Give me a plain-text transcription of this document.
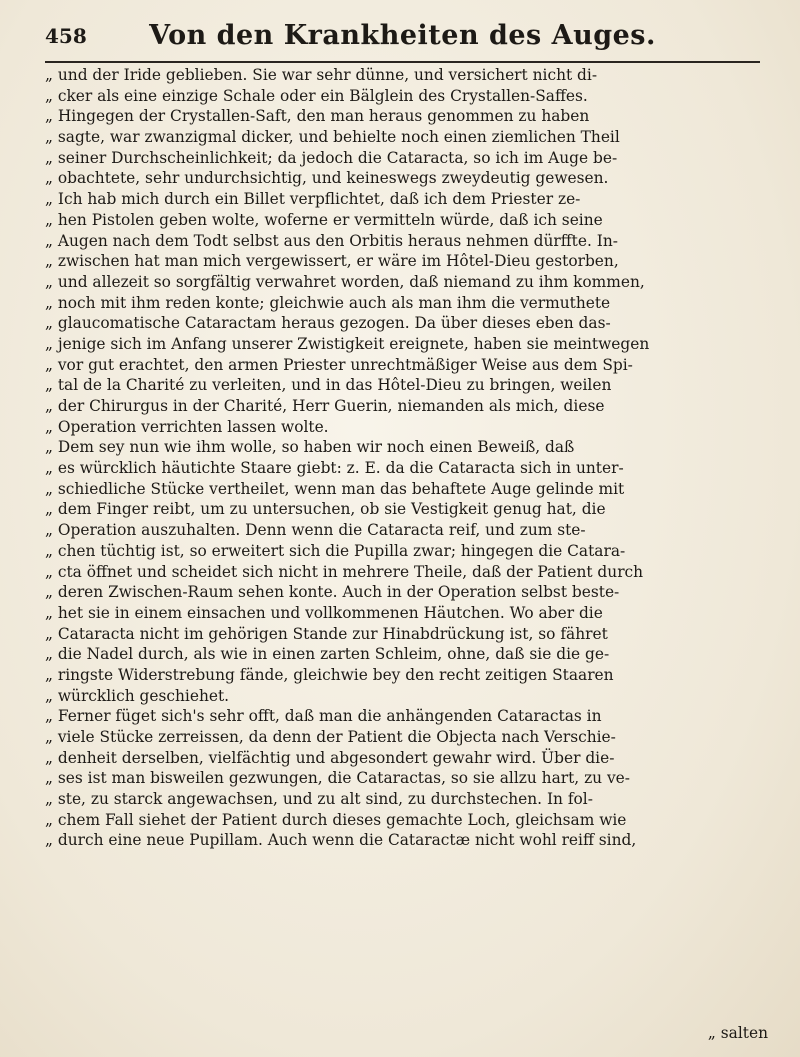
458	Von den Krankheiten des Auges.
„ und der Iride geblieben. Sie war sehr dünne, und versichert nicht di-
„ cker als eine einzige Schale oder ein Bälglein des Crystallen-Saffes.
„ Hingegen der Crystallen-Saft, den man heraus genommen zu haben
„ sagte, war zwanzigmal dicker, und behielte noch einen ziemlichen Theil
„ seiner Durchscheinlichkeit; da jedoch die Cataracta, so ich im Auge be-
„ obachtete, sehr undurchsichtig, und keineswegs zweydeutig gewesen.
„ Ich hab mich durch ein Billet verpflichtet, daß ich dem Priester ze-
„ hen Pistolen geben wolte, woferne er vermitteln würde, daß ich seine
„ Augen nach dem Todt selbst aus den Orbitis heraus nehmen dürffte. In-
„ zwischen hat man mich vergewissert, er wäre im Hôtel-Dieu gestorben,
„ und allezeit so sorgfältig verwahret worden, daß niemand zu ihm kommen,
„ noch mit ihm reden konte; gleichwie auch als man ihm die vermuthete
„ glaucomatische Cataractam heraus gezogen. Da über dieses eben das-
„ jenige sich im Anfang unserer Zwistigkeit ereignete, haben sie meintwegen
„ vor gut erachtet, den armen Priester unrechtmäßiger Weise aus dem Spi-
„ tal de la Charité zu verleiten, und in das Hôtel-Dieu zu bringen, weilen
„ der Chirurgus in der Charité, Herr Guerin, niemanden als mich, diese
„ Operation verrichten lassen wolte.
„ Dem sey nun wie ihm wolle, so haben wir noch einen Beweiß, daß
„ es würcklich häutichte Staare giebt: z. E. da die Cataracta sich in unter-
„ schiedliche Stücke vertheilet, wenn man das behaftete Auge gelinde mit
„ dem Finger reibt, um zu untersuchen, ob sie Vestigkeit genug hat, die
„ Operation auszuhalten. Denn wenn die Cataracta reif, und zum ste-
„ chen tüchtig ist, so erweitert sich die Pupilla zwar; hingegen die Catara-
„ cta öffnet und scheidet sich nicht in mehrere Theile, daß der Patient durch
„ deren Zwischen-Raum sehen konte. Auch in der Operation selbst beste-
„ het sie in einem einsachen und vollkommenen Häutchen. Wo aber die
„ Cataracta nicht im gehörigen Stande zur Hinabdrückung ist, so fähret
„ die Nadel durch, als wie in einen zarten Schleim, ohne, daß sie die ge-
„ ringste Widerstrebung fände, gleichwie bey den recht zeitigen Staaren
„ würcklich geschiehet.
„ Ferner füget sich's sehr offt, daß man die anhängenden Cataractas in
„ viele Stücke zerreissen, da denn der Patient die Objecta nach Verschie-
„ denheit derselben, vielfächtig und abgesondert gewahr wird. Über die-
„ ses ist man bisweilen gezwungen, die Cataractas, so sie allzu hart, zu ve-
„ ste, zu starck angewachsen, und zu alt sind, zu durchstechen. In fol-
„ chem Fall siehet der Patient durch dieses gemachte Loch, gleichsam wie
„ durch eine neue Pupillam. Auch wenn die Cataractæ nicht wohl reiff sind,
„ salten
